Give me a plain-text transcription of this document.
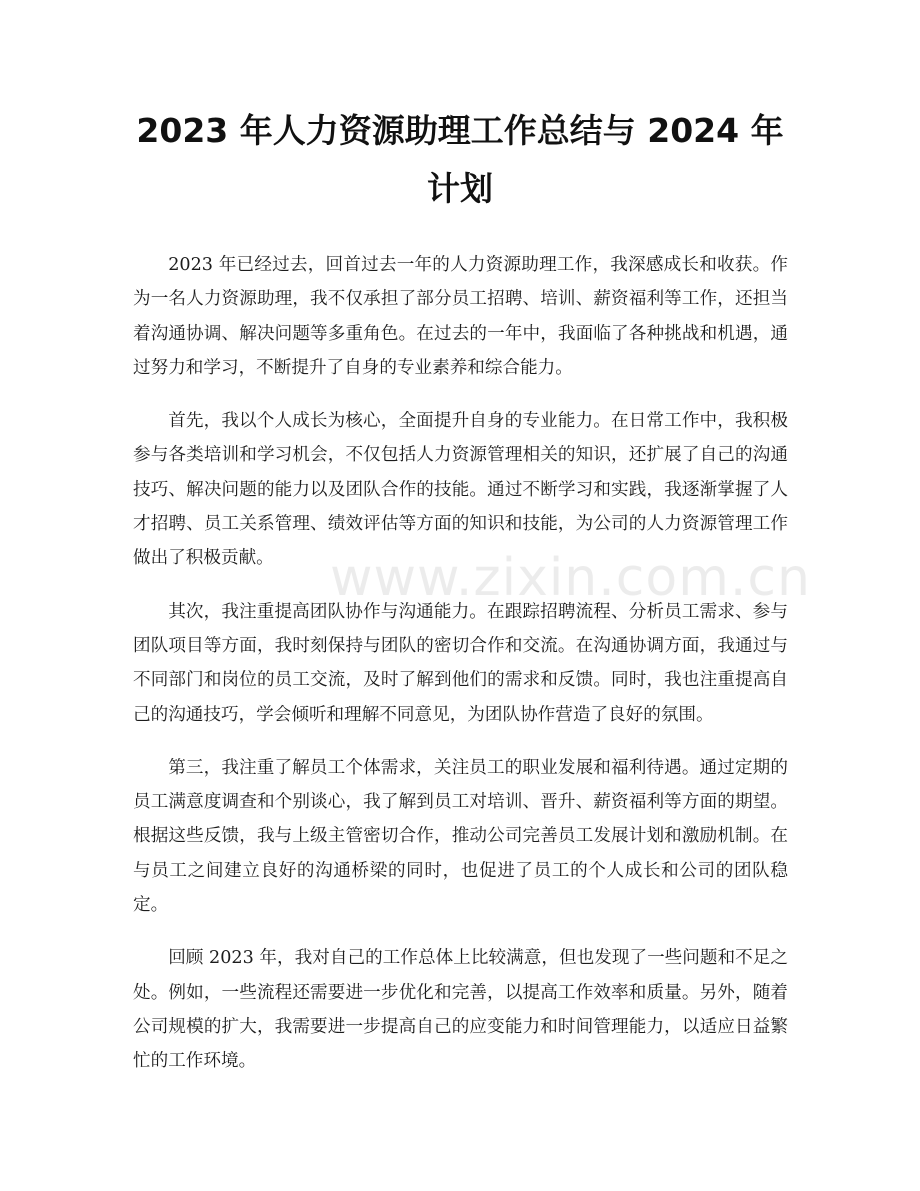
2023 年人力资源助理工作总结与 2024 年计划

2023 年已经过去，回首过去一年的人力资源助理工作，我深感成长和收获。作为一名人力资源助理，我不仅承担了部分员工招聘、培训、薪资福利等工作，还担当着沟通协调、解决问题等多重角色。在过去的一年中，我面临了各种挑战和机遇，通过努力和学习，不断提升了自身的专业素养和综合能力。

首先，我以个人成长为核心，全面提升自身的专业能力。在日常工作中，我积极参与各类培训和学习机会，不仅包括人力资源管理相关的知识，还扩展了自己的沟通技巧、解决问题的能力以及团队合作的技能。通过不断学习和实践，我逐渐掌握了人才招聘、员工关系管理、绩效评估等方面的知识和技能，为公司的人力资源管理工作做出了积极贡献。

其次，我注重提高团队协作与沟通能力。在跟踪招聘流程、分析员工需求、参与团队项目等方面，我时刻保持与团队的密切合作和交流。在沟通协调方面，我通过与不同部门和岗位的员工交流，及时了解到他们的需求和反馈。同时，我也注重提高自己的沟通技巧，学会倾听和理解不同意见，为团队协作营造了良好的氛围。

第三，我注重了解员工个体需求，关注员工的职业发展和福利待遇。通过定期的员工满意度调查和个别谈心，我了解到员工对培训、晋升、薪资福利等方面的期望。根据这些反馈，我与上级主管密切合作，推动公司完善员工发展计划和激励机制。在与员工之间建立良好的沟通桥梁的同时，也促进了员工的个人成长和公司的团队稳定。

回顾 2023 年，我对自己的工作总体上比较满意，但也发现了一些问题和不足之处。例如，一些流程还需要进一步优化和完善，以提高工作效率和质量。另外，随着公司规模的扩大，我需要进一步提高自己的应变能力和时间管理能力，以适应日益繁忙的工作环境。

www.zixin.com.cn
